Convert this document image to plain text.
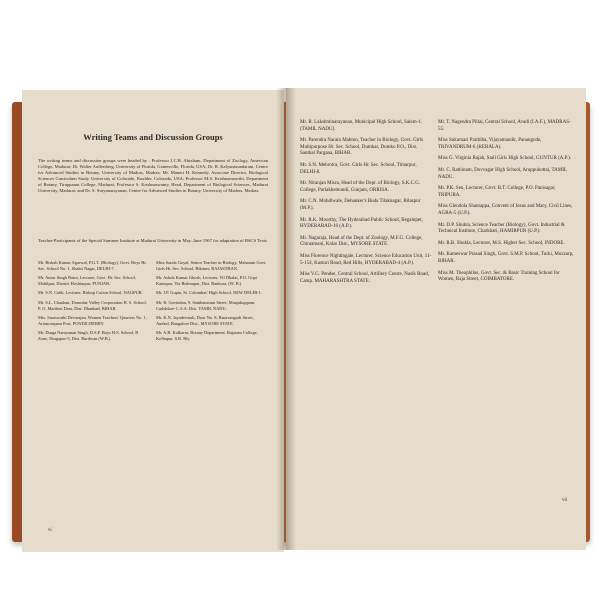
Writing Teams and Discussion Groups
The writing teams and discussion groups were headed by : Professor J.C.B. Abraham, Department of Zoology, American College, Madurai; Dr. Walter Auffenberg, University of Florida, Gainesville, Florida, USA; Dr. R. Kalyanasundaram, Centre for Advanced Studies in Botany, University of Madras, Madras; Mr. Manert H. Kennedy, Associate Director, Biological Sciences Curriculum Study, University of Colorado, Boulder, Colorado, USA; Professor M.S. Krishnamoorthi, Department of Botany, Tirupparan College, Madurai; Professor S. Krishnaswamy, Head, Department of Biological Sciences, Madurai University, Madurai; and Dr. S. Suryanarayanan, Centre for Advanced Studies in Botany, University of Madras, Madras.
Teacher-Participants of the Special Summer Institute at Madurai University in May–June 1967 for adaptation of BSCS Texts
Mr. Rishab Kumar Agarwal, P.G.T. (Biology), Govt. Boys Hr. Sec. School No. 1, Shakti Nagar, DELHI-7.
Mr. Awtar Singh Batra, Lecturer, Govt. Hr. Sec. School, Mahilpur, District Hoshiarpur, PUNJAB.
Mr. S.N. Cabb, Lecturer, Bishop Cotton School, NAGPUR.
Mr. S.L. Chauhan, Damodar Valley Corporation H. S. School, P. O. Maithon Dam, Dist. Dhanbad, BIHAR.
Mrs. Saraswathi Devarajan, Women Teachers' Quarters No. 1, Ariancoupam Post, PONDICHERRY.
Mr. Durga Narayanan Singh, D.S.P. Boys H.S. School, B Zone, Durgapur-5, Dist. Burdwan (W.B.).
Miss Sarala Goyal, Senior Teacher in Biology, Maharani Govt. Girls Hr. Sec. School, Bikaner, RAJASTHAN.
Mr. Ashok Kumar Ghosh, Lecturer, Vil Dhalai, P.O. Gopi Kantapur, Via Bishnupur, Dist. Bankura, (W. B.).
Mr. J.P. Gupta, St. Columbas' High School, NEW DELHI-1.
Mr. R. Govindan, 9, Santhanaram Street, Manjakuppam, Cuddalore-1, S.A. Dist. TAMIL NADU.
Mr. K.N. Jayadevaiah, Door No. 8, Basavangudi Street, Anekal, Bangalore Dist., MYSORE STATE.
Mr. A.R. Kulkarni, Botany Department, Rajaram College, Kolhapur, S.R. Rly.
vi
Mr. R. Lakshminarayanan, Municipal High School, Salem-1. (TAMIL NADU).
Mr. Parendra Narain Mahton, Teacher in Biology, Govt. Girls Multipurpose Hr. Sec. School, Dumkar, Dumko P.O., Dist. Santhal Pargana, BIHAR.
Mr. S.N. Mehrotra, Govt. Girls Hr. Sec. School, Timarpur, DELHI-8.
Mr. Niranjan Misra, Head of the Dept. of Biology, S.K.C.G. College, Parlakhemundi, Gunjam, ORRISA.
Mr. C.N. Mohdiwale, Dehanker's Buda Tilaknagar, Bilaspur (M.P.).
Mr. R.K. Moorthy, The Hyderabad Public School, Begampet, HYDERABAD-16 (A.P.).
Mr. Nagaraja, Head of the Dept. of Zoology, M.F.G. College, Chintamani, Kolar Dist., MYSORE STATE.
Miss Florence Nightingale, Lecturer, Science Education Unit, 11-5-154, Kasturi Road, Red Hills, HYDERABAD-4 (A.P.).
Miss V.G. Pendse, Central School, Artillery Centre, Nasik Road, Camp. MAHARASHTRA STATE.
Mr. T. Nagendra Pillai, Central School, Avadi (I.A.F.), MADRAS-55.
Miss Sukumari Prathiba, Vijayamandir, Panangode, TRIVANDRUM-6 (KERALA).
Miss G. Virginia Rajah, Stall Girls High School, GUNTUR (A.P.).
Mr. C. Rathinam, Dovvagar High School, Aruppukottai, TAMIL NADU.
Mr. P.K. Sen, Lecturer, Govt. B.T. College, P.O. Panisagar, TRIPURA.
Miss Glendola Shantappa, Convent of Jesus and Mary, Civil Lines, AGRA-5 (U.P.).
Mr. D.P. Shukla, Science Teacher (Biology), Govt. Industrial & Technical Institute, Charkhari, HAMIRPUR (U.P.).
Mr. R.B. Shukla, Lecturer, M.S. Higher Sec. School, INDORE.
Mr. Kameswar Prasad Singh, Govt. S.M.P. School, Turki, Muzzarp, BIHAR.
Miss M. Theophilus, Govt. Sec. & Basic Training School for Women, Raja Street, COIMBATORE.
vii
